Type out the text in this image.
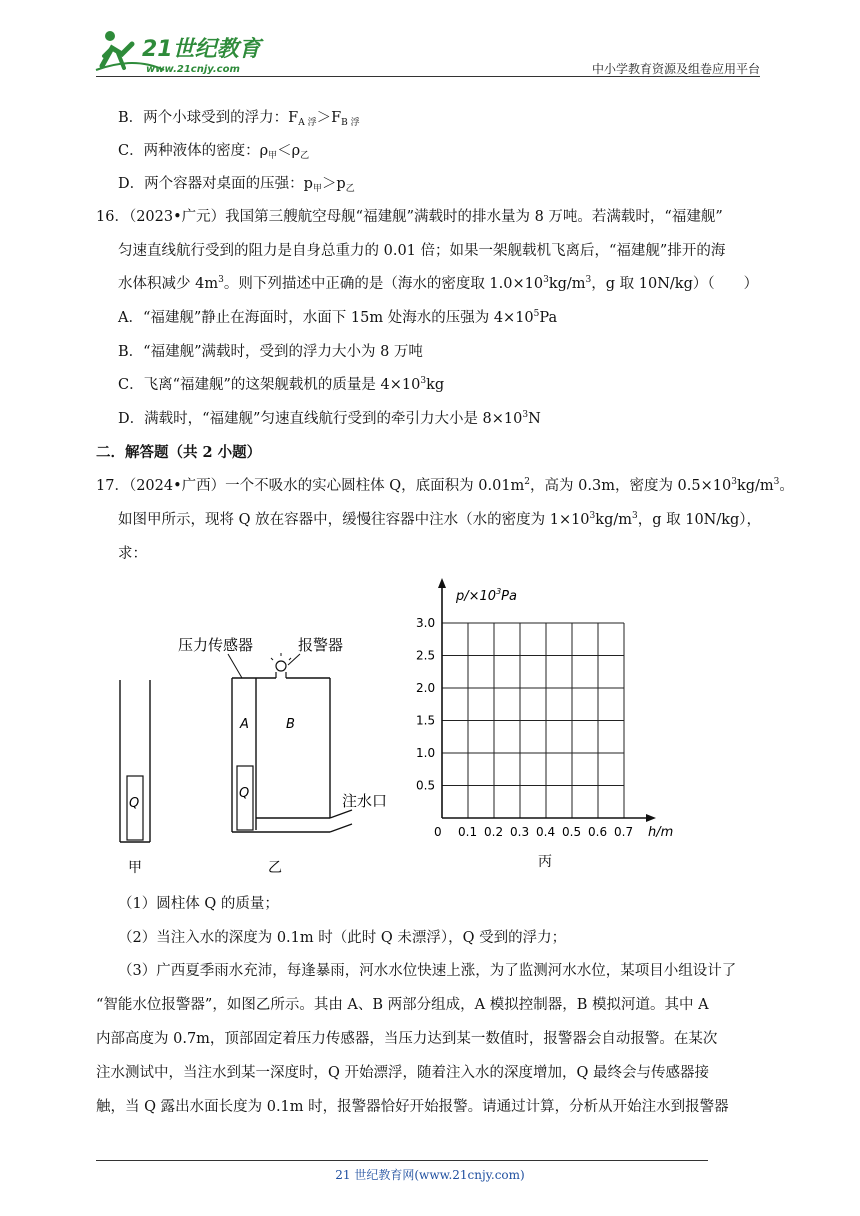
21世纪教育
www.21cnjy.com	中小学教育资源及组卷应用平台
B．两个小球受到的浮力：$F_{A 浮}>F_{B 浮}$
C．两种液体的密度：$\rho_甲<\rho_乙$
D．两个容器对桌面的压强：$p_甲>p_乙$
16．（2023•广元）我国第三艘航空母舰“福建舰”满载时的排水量为 8 万吨。若满载时，“福建舰”
匀速直线航行受到的阻力是自身总重力的 0.01 倍；如果一架舰载机飞离后，“福建舰”排开的海
水体积减少 $4m^3$。则下列描述中正确的是（海水的密度取 $1.0\times 10^3kg/m^3$，g 取 10N/kg）（　　）
A．“福建舰”静止在海面时，水面下 15m 处海水的压强为 $4\times 10^5Pa$
B．“福建舰”满载时，受到的浮力大小为 8 万吨
C．飞离“福建舰”的这架舰载机的质量是 $4\times 10^3kg$
D．满载时，“福建舰”匀速直线航行受到的牵引力大小是 $8\times 10^3N$
二．解答题（共 2 小题）
17．（2024•广西）一个不吸水的实心圆柱体 Q，底面积为 $0.01m^2$，高为 0.3m，密度为 $0.5\times 10^3kg/m^3$。
如图甲所示，现将 Q 放在容器中，缓慢往容器中注水（水的密度为 $1\times 10^3kg/m^3$，g 取 10N/kg），
求：
Q
甲
Q
A	B
压力传感器	报警器
注水口
乙
0.1 0.2 0.3 0.4 0.5 0.6 0.7
0.5
1.0
1.5
2.0
2.5
3.0
$p/\times 10^3Pa$
h/m
0
丙
（1）圆柱体 Q 的质量；
（2）当注入水的深度为 0.1m 时（此时 Q 未漂浮），Q 受到的浮力；
（3）广西夏季雨水充沛，每逢暴雨，河水水位快速上涨，为了监测河水水位，某项目小组设计了
“智能水位报警器”，如图乙所示。其由 A、B 两部分组成，A 模拟控制器，B 模拟河道。其中 A
内部高度为 0.7m，顶部固定着压力传感器，当压力达到某一数值时，报警器会自动报警。在某次
注水测试中，当注水到某一深度时，Q 开始漂浮，随着注入水的深度增加，Q 最终会与传感器接
触，当 Q 露出水面长度为 0.1m 时，报警器恰好开始报警。请通过计算，分析从开始注水到报警器
21 世纪教育网(www.21cnjy.com)
